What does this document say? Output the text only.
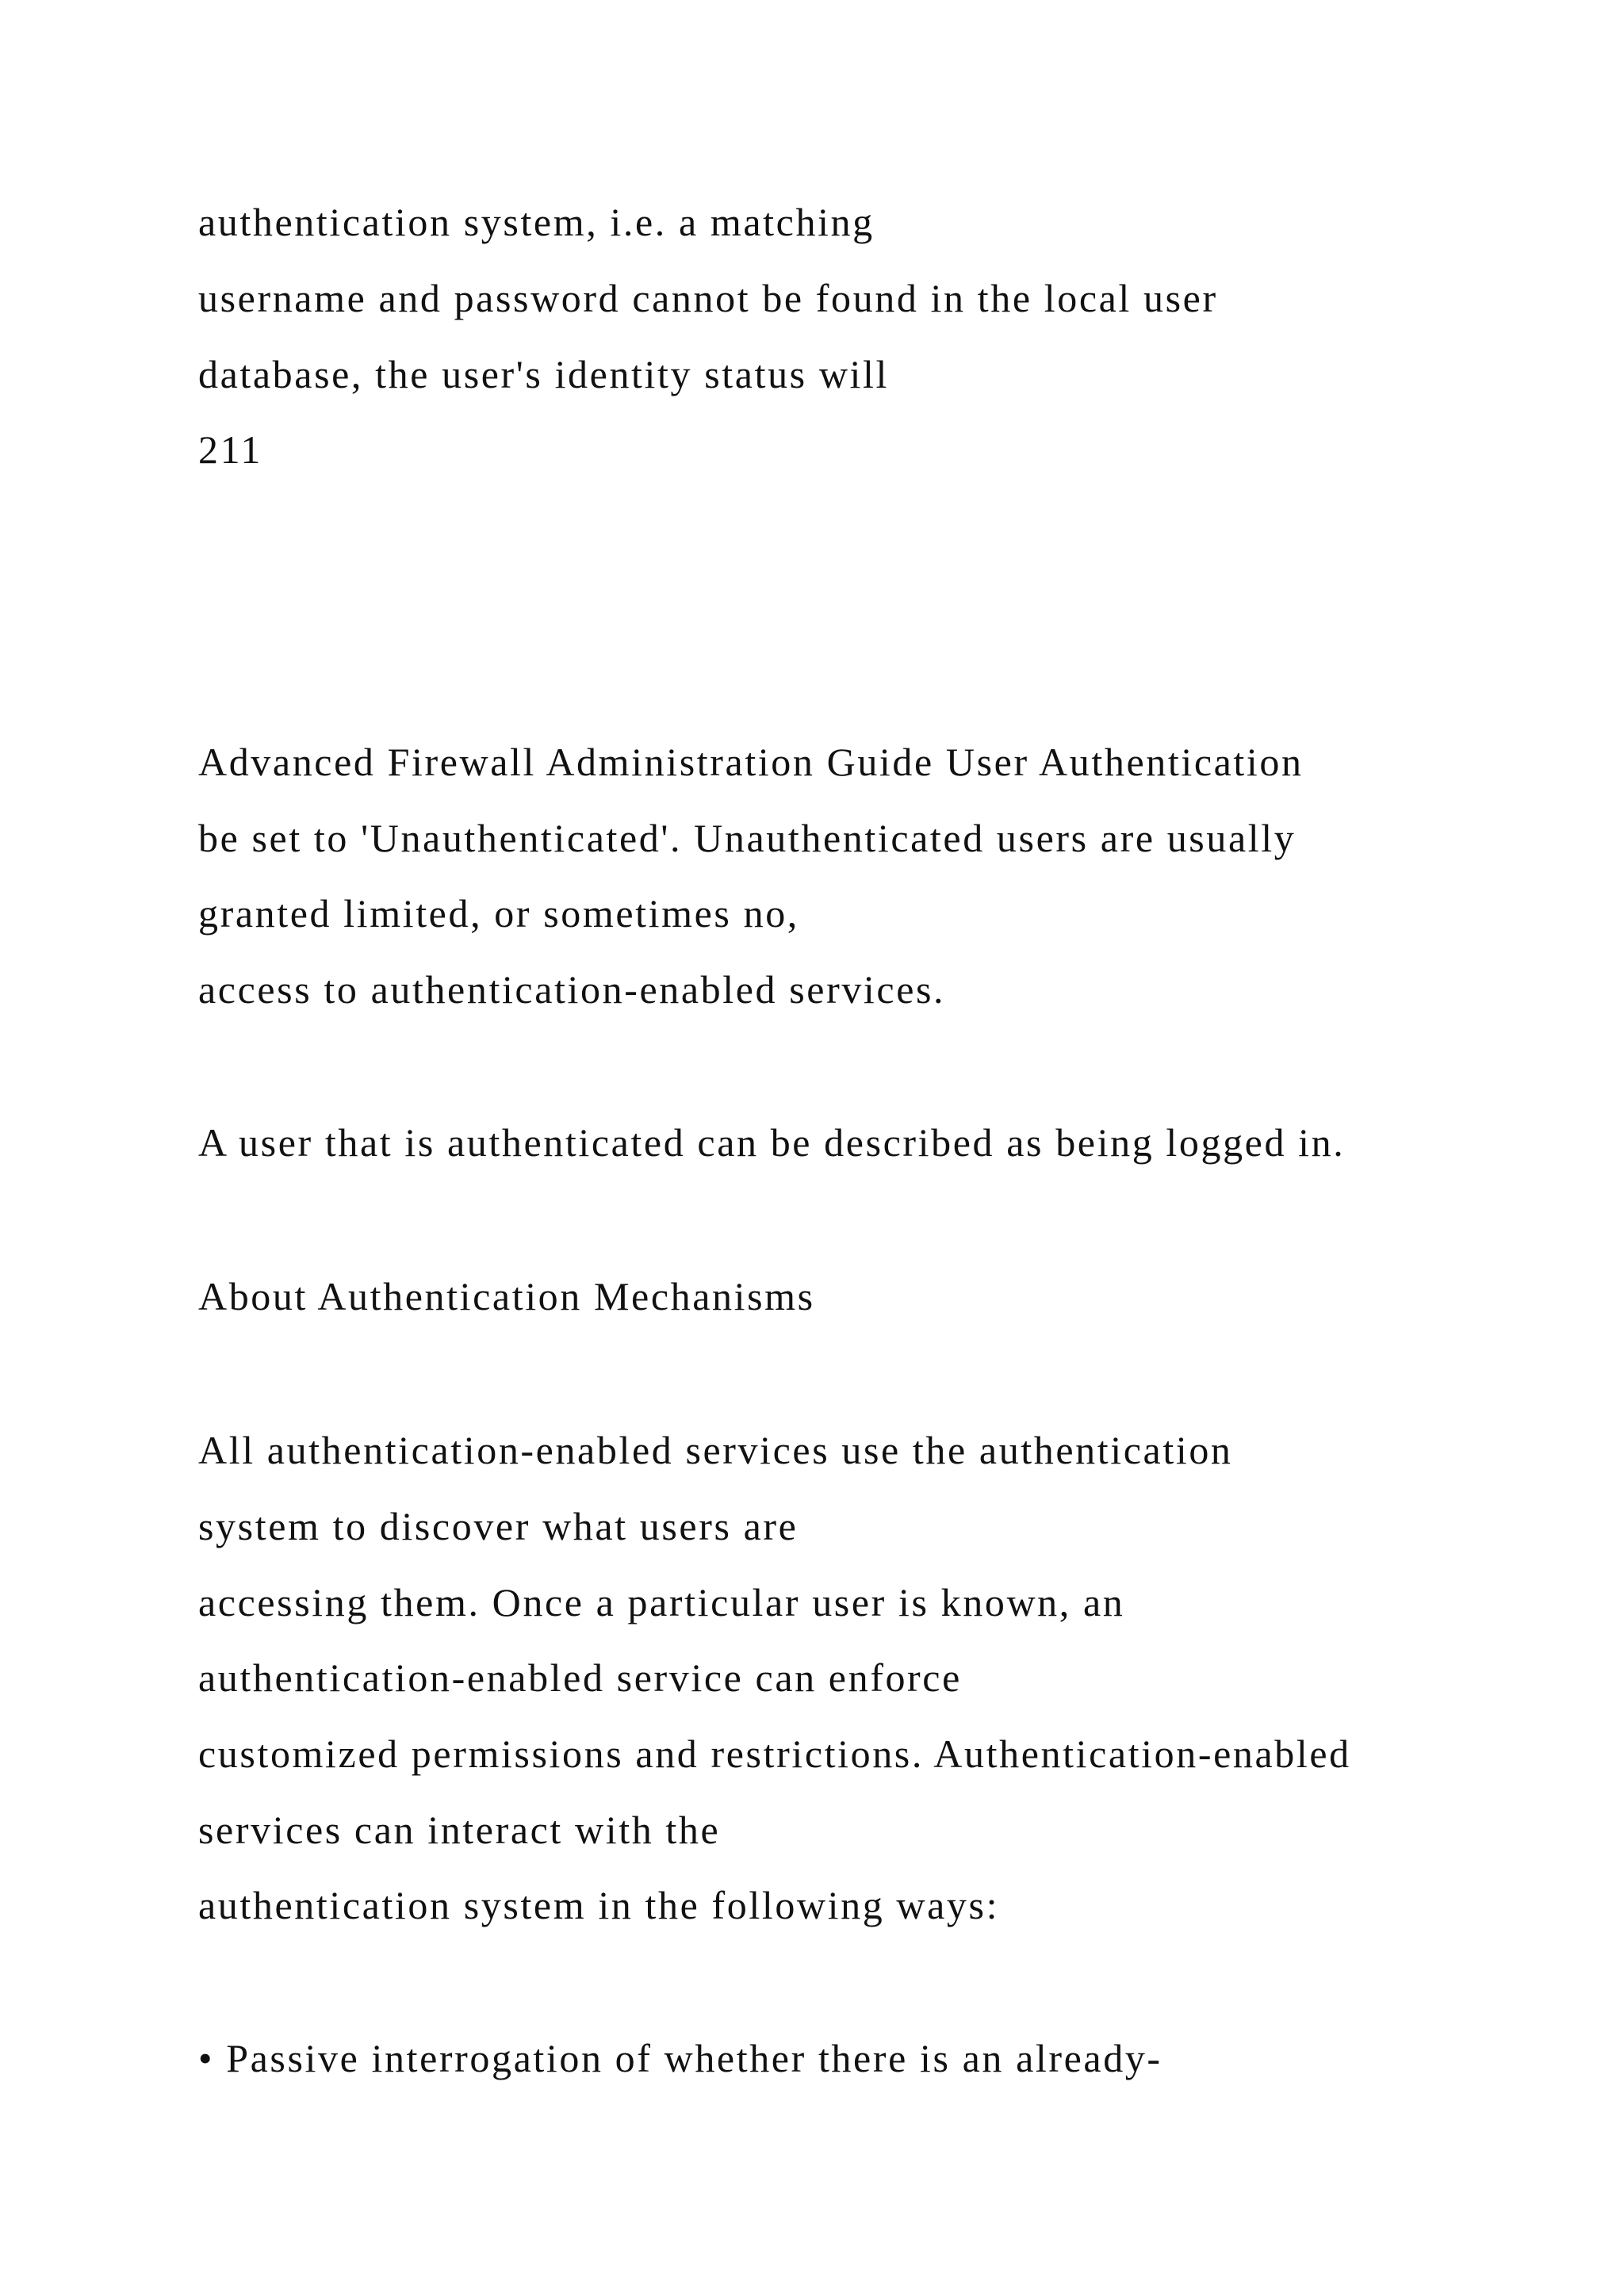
authentication system, i.e. a matching

username and password cannot be found in the local user

database, the user's identity status will

211

Advanced Firewall Administration Guide User Authentication

be set to 'Unauthenticated'. Unauthenticated users are usually

granted limited, or sometimes no,

access to authentication-enabled services.

A user that is authenticated can be described as being logged in.

About Authentication Mechanisms

All authentication-enabled services use the authentication

system to discover what users are

accessing them. Once a particular user is known, an

authentication-enabled service can enforce

customized permissions and restrictions. Authentication-enabled

services can interact with the

authentication system in the following ways:

• Passive interrogation of whether there is an already-
